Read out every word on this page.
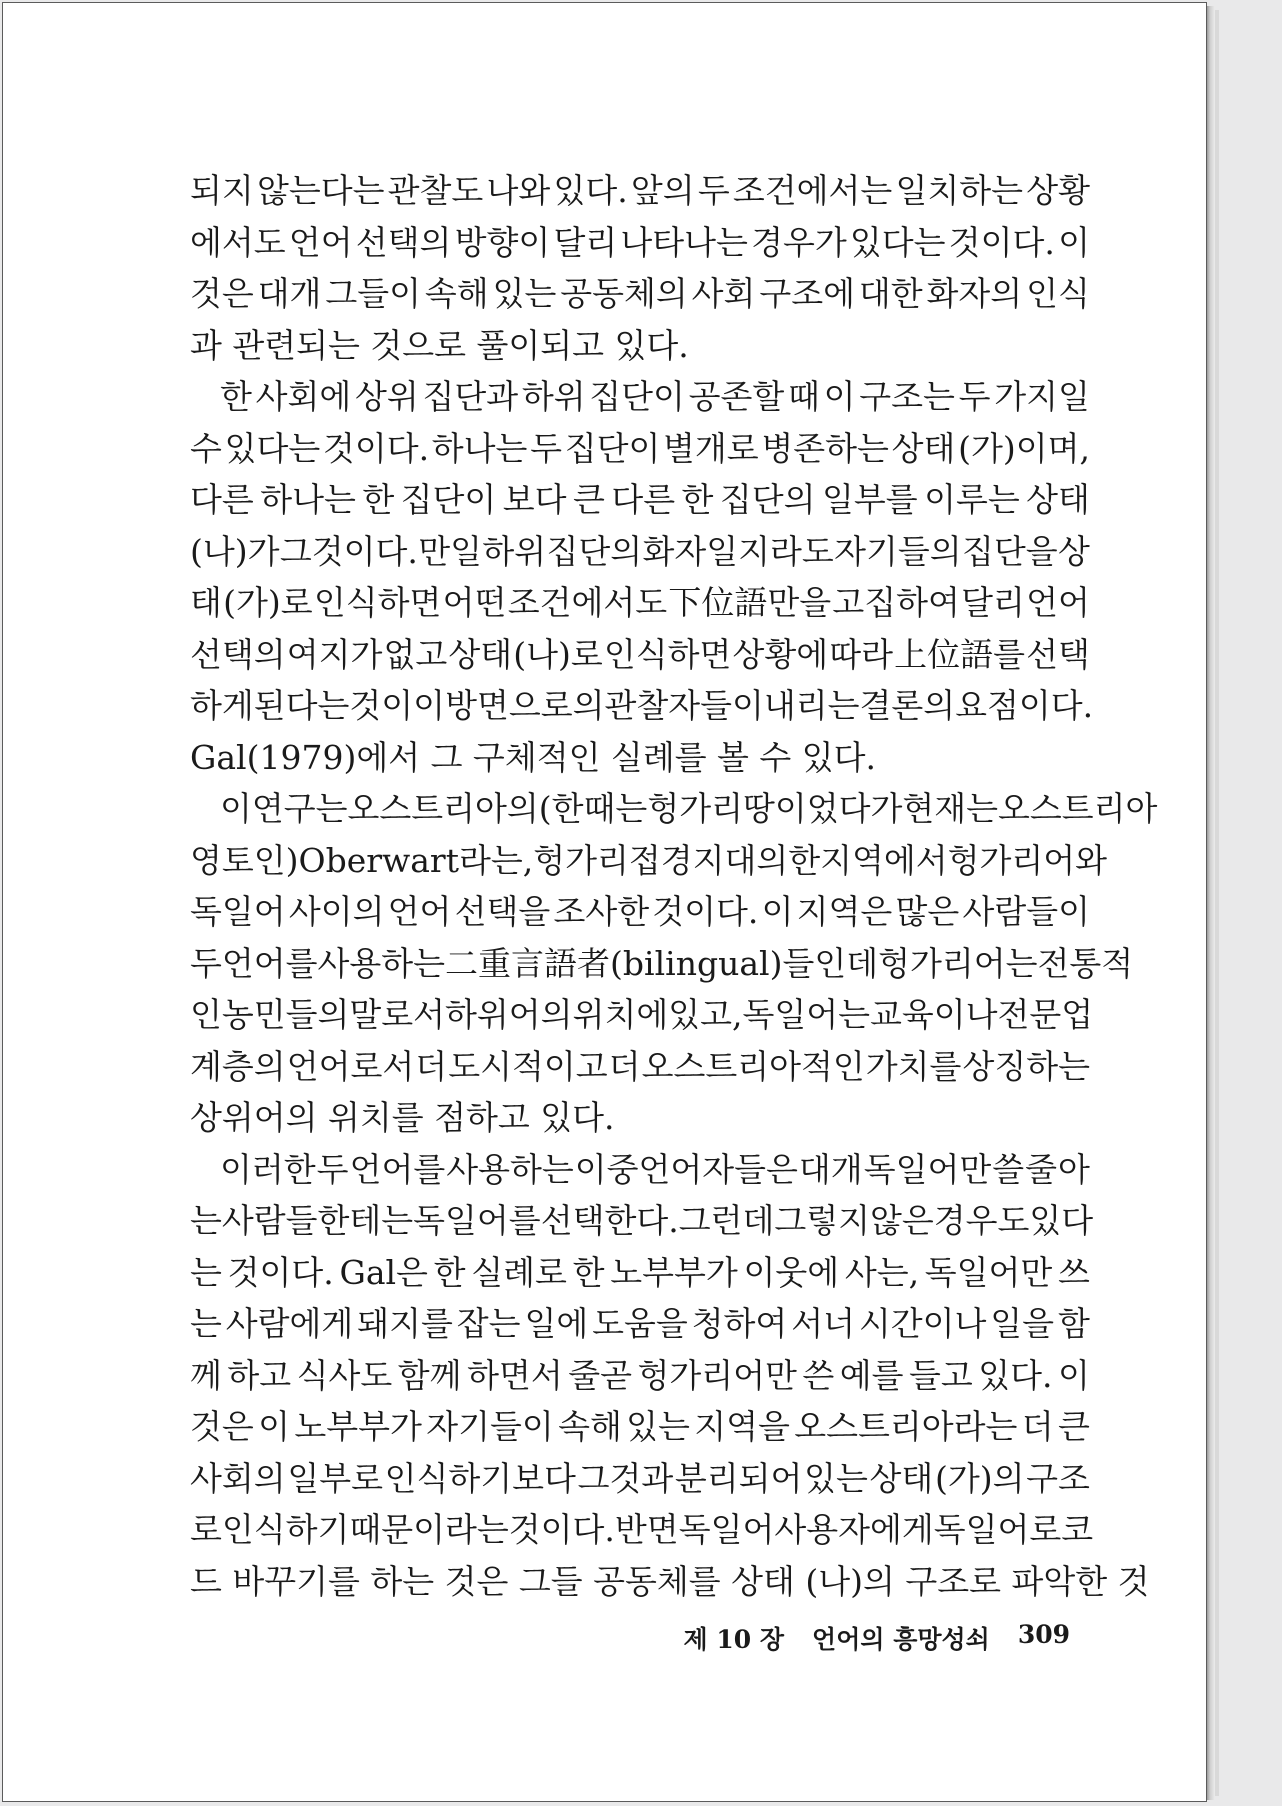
되지 않는다는 관찰도 나와 있다. 앞의 두 조건에서는 일치하는 상황
에서도 언어 선택의 방향이 달리 나타나는 경우가 있다는 것이다. 이
것은 대개 그들이 속해 있는 공동체의 사회 구조에 대한 화자의 인식
과 관련되는 것으로 풀이되고 있다.
한 사회에 상위 집단과 하위 집단이 공존할 때 이 구조는 두 가지일
수 있다는 것이다. 하나는 두 집단이 별개로 병존하는 상태 (가)이며,
다른 하나는 한 집단이 보다 큰 다른 한 집단의 일부를 이루는 상태
(나)가 그것이다. 만일 하위 집단의 화자일지라도 자기들의 집단을 상
태 (가)로 인식하면 어떤 조건에서도 下位語만을 고집하여 달리 언어
선택의 여지가 없고 상태 (나)로 인식하면 상황에 따라 上位語를 선택
하게 된다는 것이 이 방면으로의 관찰자들이 내리는 결론의 요점이다.
Gal(1979)에서 그 구체적인 실례를 볼 수 있다.
이 연구는 오스트리아의(한때는 헝가리 땅이었다가 현재는 오스트리아
영토인) Oberwart라는, 헝가리 접경지대의 한 지역에서 헝가리어와
독일어 사이의 언어 선택을 조사한 것이다. 이 지역은 많은 사람들이
두 언어를 사용하는 二重言語者(bilingual)들인데 헝가리어는 전통적
인 농민들의 말로서 하위어의 위치에 있고, 독일어는 교육이나 전문업
계층의 언어로서 더 도시적이고 더 오스트리아적인 가치를 상징하는
상위어의 위치를 점하고 있다.
이러한 두 언어를 사용하는 이중언어자들은 대개 독일어만 쓸 줄 아
는 사람들한테는 독일어를 선택한다. 그런데 그렇지 않은 경우도 있다
는 것이다. Gal은 한 실례로 한 노부부가 이웃에 사는, 독일어만 쓰
는 사람에게 돼지를 잡는 일에 도움을 청하여 서너 시간이나 일을 함
께 하고 식사도 함께 하면서 줄곧 헝가리어만 쓴 예를 들고 있다. 이
것은 이 노부부가 자기들이 속해 있는 지역을 오스트리아라는 더 큰
사회의 일부로 인식하기보다 그것과 분리되어 있는 상태 (가)의 구조
로 인식하기 때문이라는 것이다. 반면 독일어 사용자에게 독일어로 코
드 바꾸기를 하는 것은 그들 공동체를 상태 (나)의 구조로 파악한 것
제 10 장 언어의 흥망성쇠 309
